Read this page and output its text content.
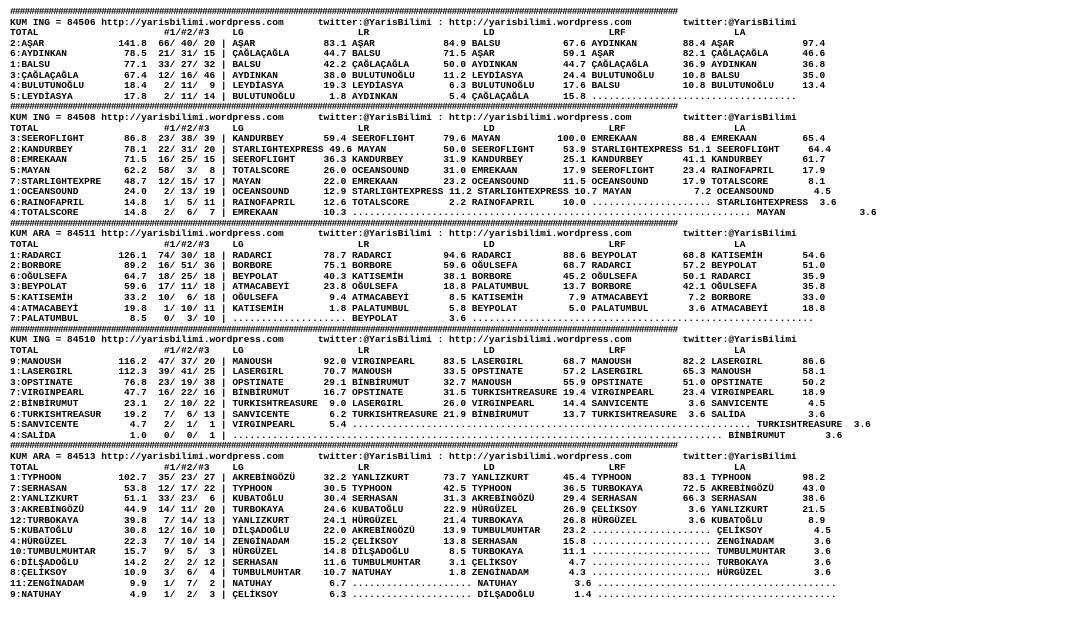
###########################################################################################################################################
KUM ING = 84506 http://yarisbilimi.wordpress.com      twitter:@YarisBilimi : http://yarisbilimi.wordpress.com         twitter:@YarisBilimi
TOTAL                      #1/#2/#3    LG                    LR                    LD                    LRF                   LA
2:AŞAR             141.8  66/ 40/ 20 | AŞAR            83.1 AŞAR            84.9 BALSU           67.6 AYDINKAN        88.4 AŞAR            97.4
6:AYDINKAN          78.5  21/ 31/ 15 | ÇAĞLAÇAĞLA      44.7 BALSU           71.5 AŞAR            59.1 AŞAR            82.1 ÇAĞLAÇAĞLA      46.6
1:BALSU             77.1  33/ 27/ 32 | BALSU           42.2 ÇAĞLAÇAĞLA      50.0 AYDINKAN        44.7 ÇAĞLAÇAĞLA      36.9 AYDINKAN        36.8
3:ÇAĞLAÇAĞLA        67.4  12/ 16/ 46 | AYDINKAN        38.0 BULUTUNOĞLU     11.2 LEYDİASYA       24.4 BULUTUNOĞLU     10.8 BALSU           35.0
4:BULUTUNOĞLU       18.4   2/ 11/  9 | LEYDİASYA       19.3 LEYDİASYA        6.3 BULUTUNOĞLU     17.6 BALSU           10.8 BULUTUNOĞLU     13.4
5:LEYDİASYA         17.8   2/ 11/ 14 | BULUTUNOĞLU      1.8 AYDINKAN         5.4 ÇAĞLAÇAĞLA      15.8 ....................................
###########################################################################################################################################
KUM ING = 84508 http://yarisbilimi.wordpress.com      twitter:@YarisBilimi : http://yarisbilimi.wordpress.com         twitter:@YarisBilimi
TOTAL                      #1/#2/#3    LG                    LR                    LD                    LRF                   LA
3:SEEROFLIGHT       86.8  23/ 38/ 39 | KANDURBEY       59.4 SEEROFLIGHT     79.6 MAYAN          100.0 EMREKAAN        88.4 EMREKAAN        65.4
2:KANDURBEY         78.1  22/ 31/ 20 | STARLIGHTEXPRESS 49.6 MAYAN          50.0 SEEROFLIGHT     53.9 STARLIGHTEXPRESS 51.1 SEEROFLIGHT     64.4
8:EMREKAAN          71.5  16/ 25/ 15 | SEEROFLIGHT     36.3 KANDURBEY       31.9 KANDURBEY       25.1 KANDURBEY       41.1 KANDURBEY       61.7
5:MAYAN             62.2  58/  3/  8 | TOTALSCORE      26.0 OCEANSOUND      31.0 EMREKAAN        17.9 SEEROFLIGHT     23.4 RAINOFAPRIL     17.9
7:STARLIGHTEXPRE    48.7  12/ 15/ 17 | MAYAN           22.0 EMREKAAN        23.2 OCEANSOUND      11.5 OCEANSOUND      17.9 TOTALSCORE       8.1
1:OCEANSOUND        24.0   2/ 13/ 19 | OCEANSOUND      12.9 STARLIGHTEXPRESS 11.2 STARLIGHTEXPRESS 10.7 MAYAN           7.2 OCEANSOUND       4.5
6:RAINOFAPRIL       14.8   1/  5/ 11 | RAINOFAPRIL     12.6 TOTALSCORE       2.2 RAINOFAPRIL     10.0 ..................... STARLIGHTEXPRESS  3.6
4:TOTALSCORE        14.8   2/  6/  7 | EMREKAAN        10.3 ...................................................................... MAYAN             3.6
###########################################################################################################################################
KUM ARA = 84511 http://yarisbilimi.wordpress.com      twitter:@YarisBilimi : http://yarisbilimi.wordpress.com         twitter:@YarisBilimi
TOTAL                      #1/#2/#3    LG                    LR                    LD                    LRF                   LA
1:RADARCI          126.1  74/ 30/ 18 | RADARCI         78.7 RADARCI         94.6 RADARCI         88.6 BEYPOLAT        68.8 KATISEMİH       54.6
2:BORBORE           89.2  16/ 51/ 36 | BORBORE         75.1 BORBORE         59.6 OĞULSEFA        68.7 RADARCI         57.2 BEYPOLAT        51.0
6:OĞULSEFA          64.7  18/ 25/ 18 | BEYPOLAT        40.3 KATISEMİH       38.1 BORBORE         45.2 OĞULSEFA        50.1 RADARCI         35.9
3:BEYPOLAT          59.6  17/ 11/ 18 | ATMACABEYİ      23.8 OĞULSEFA        18.8 PALATUMBUL      13.7 BORBORE         42.1 OĞULSEFA        35.8
5:KATISEMİH         33.2  10/  6/ 18 | OĞULSEFA         9.4 ATMACABEYİ       8.5 KATISEMİH        7.9 ATMACABEYİ       7.2 BORBORE         33.0
4:ATMACABEYİ        19.8   1/ 10/ 11 | KATISEMİH        1.8 PALATUMBUL       5.8 BEYPOLAT         5.0 PALATUMBUL       3.6 ATMACABEYİ      18.8
7:PALATUMBUL         8.5   0/  3/ 10 | .................... BEYPOLAT         3.6 ............................................................
###########################################################################################################################################
KUM ING = 84510 http://yarisbilimi.wordpress.com      twitter:@YarisBilimi : http://yarisbilimi.wordpress.com         twitter:@YarisBilimi
TOTAL                      #1/#2/#3    LG                    LR                    LD                    LRF                   LA
9:MANOUSH          116.2  47/ 37/ 20 | MANOUSH         92.0 VIRGINPEARL     83.5 LASERGIRL       68.7 MANOUSH         82.2 LASERGIRL       86.6
1:LASERGIRL        112.3  39/ 41/ 25 | LASERGIRL       70.7 MANOUSH         33.5 OPSTINATE       57.2 LASERGIRL       65.3 MANOUSH         58.1
3:OPSTINATE         76.8  23/ 19/ 38 | OPSTINATE       29.1 BİNBİRUMUT      32.7 MANOUSH         55.9 OPSTINATE       51.0 OPSTINATE       50.2
7:VIRGINPEARL       47.7  16/ 22/ 16 | BİNBİRUMUT      16.7 OPSTINATE       31.5 TURKISHTREASURE 19.4 VIRGINPEARL     23.4 VIRGINPEARL     18.9
2:BİNBİRUMUT        23.1   2/ 10/ 22 | TURKISHTREASURE  9.0 LASERGIRL       26.0 VIRGINPEARL     14.4 SANVICENTE       3.6 SANVICENTE       4.5
6:TURKISHTREASUR    19.2   7/  6/ 13 | SANVICENTE       6.2 TURKISHTREASURE 21.9 BİNBİRUMUT      13.7 TURKISHTREASURE  3.6 SALİDA           3.6
5:SANVICENTE         4.7   2/  1/  1 | VIRGINPEARL      5.4 ...................................................................... TURKISHTREASURE  3.6
4:SALİDA             1.0   0/  0/  1 | ...................................................................................... BİNBİRUMUT       3.6
###########################################################################################################################################
KUM ARA = 84513 http://yarisbilimi.wordpress.com      twitter:@YarisBilimi : http://yarisbilimi.wordpress.com         twitter:@YarisBilimi
TOTAL                      #1/#2/#3    LG                    LR                    LD                    LRF                   LA
1:TYPHOON          102.7  35/ 23/ 27 | AKREBİNGÖZÜ     32.2 YANLIZKURT      73.7 YANLIZKURT      45.4 TYPHOON         83.1 TYPHOON         98.2
7:SERHASAN          53.8  12/ 17/ 22 | TYPHOON         30.5 TYPHOON         42.5 TYPHOON         36.5 TURBOKAYA       72.5 AKREBİNGÖZÜ     43.0
2:YANLIZKURT        51.1  33/ 23/  6 | KUBATOĞLU       30.4 SERHASAN        31.3 AKREBİNGÖZÜ     29.4 SERHASAN        66.3 SERHASAN        38.6
3:AKREBİNGÖZÜ       44.9  14/ 11/ 20 | TURBOKAYA       24.6 KUBATOĞLU       22.9 HÜRGÜZEL        26.9 ÇELİKSOY         3.6 YANLIZKURT      21.5
12:TURBOKAYA        39.8   7/ 14/ 13 | YANLIZKURT      24.1 HÜRGÜZEL        21.4 TURBOKAYA       26.8 HÜRGÜZEL         3.6 KUBATOĞLU        8.9
5:KUBATOĞLU         30.8  12/ 16/ 10 | DİLŞADOĞLU      22.0 AKREBİNGÖZÜ     13.9 TUMBULMUHTAR    23.2 ..................... ÇELİKSOY         4.5
4:HÜRGÜZEL          22.3   7/ 10/ 14 | ZENGİNADAM      15.2 ÇELİKSOY        13.8 SERHASAN        15.8 ..................... ZENGİNADAM       3.6
10:TUMBULMUHTAR     15.7   9/  5/  3 | HÜRGÜZEL        14.8 DİLŞADOĞLU       8.5 TURBOKAYA       11.1 ..................... TUMBULMUHTAR     3.6
6:DİLŞADOĞLU        14.2   2/  2/ 12 | SERHASAN        11.6 TUMBULMUHTAR     3.1 ÇELİKSOY         4.7 ..................... TURBOKAYA        3.6
8:ÇELİKSOY          10.9   3/  6/  4 | TUMBULMUHTAR    10.7 NATUHAY          1.8 ZENGİNADAM       4.3 ..................... HÜRGÜZEL         3.6
11:ZENGİNADAM        9.9   1/  7/  2 | NATUHAY          6.7 ..................... NATUHAY          3.6 ..........................................
9:NATUHAY            4.9   1/  2/  3 | ÇELİKSOY         6.3 ..................... DİLŞADOĞLU       1.4 ..........................................
